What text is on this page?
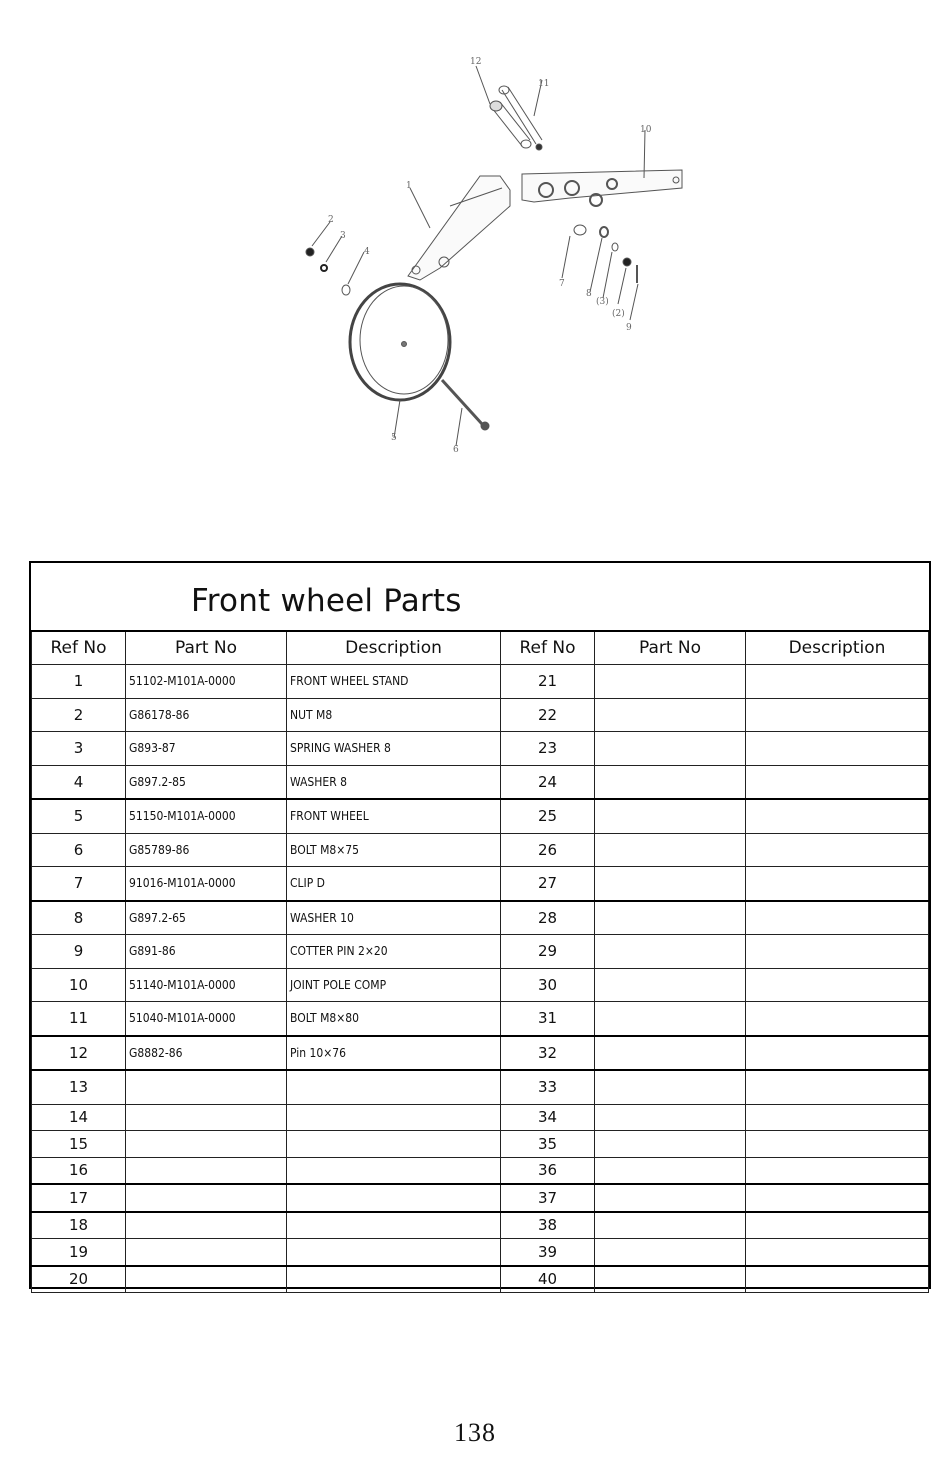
12
11
10
1
2
3
4
5
6
7
8
(3)
(2)
9
Front wheel Parts
Ref No	Part No	Description	Ref No	Part No	Description
1	51102-M101A-0000	FRONT WHEEL STAND	21		
2	G86178-86	NUT M8	22		
3	G893-87	SPRING WASHER 8	23		
4	G897.2-85	WASHER 8	24		
5	51150-M101A-0000	FRONT WHEEL	25		
6	G85789-86	BOLT M8×75	26		
7	91016-M101A-0000	CLIP D	27		
8	G897.2-65	WASHER 10	28		
9	G891-86	COTTER PIN 2×20	29		
10	51140-M101A-0000	JOINT POLE COMP	30		
11	51040-M101A-0000	BOLT M8×80	31		
12	G8882-86	Pin 10×76	32		
13			33		
14			34		
15			35		
16			36		
17			37		
18			38		
19			39		
20			40		
138
